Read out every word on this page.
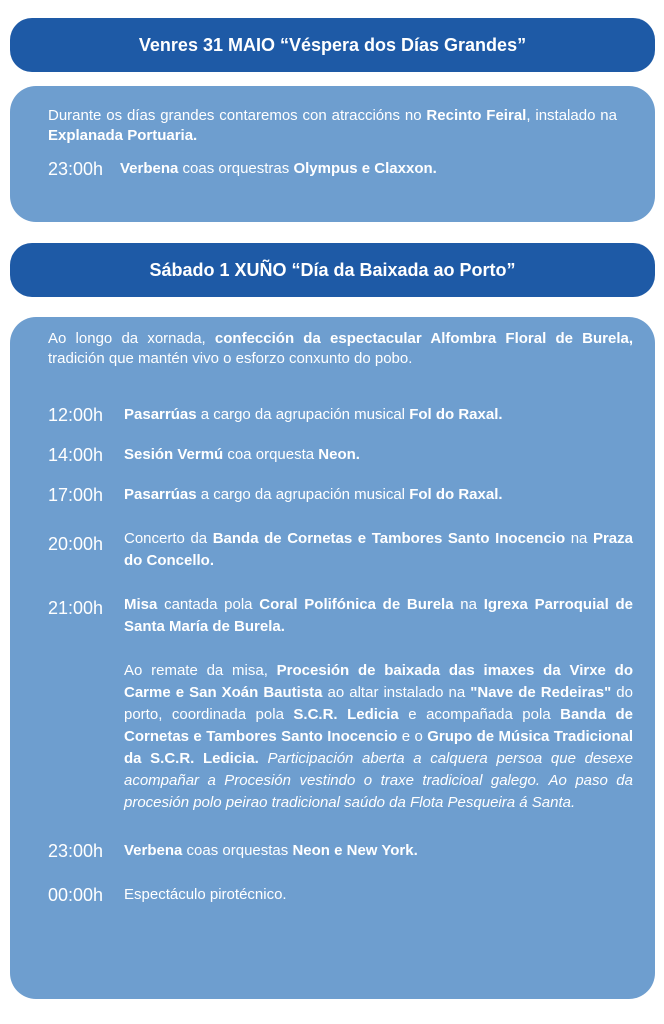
Venres 31 MAIO “Véspera dos Días Grandes”

Durante os días grandes contaremos con atraccións no Recinto Feiral, instalado na Explanada Portuaria.

23:00h	Verbena coas orquestras Olympus e Claxxon.
Sábado 1 XUÑO “Día da Baixada ao Porto”

Ao longo da xornada, confección da espectacular Alfombra Floral de Burela, tradición que mantén vivo o esforzo conxunto do pobo.

12:00h	Pasarrúas a cargo da agrupación musical Fol do Raxal.
14:00h	Sesión Vermú coa orquesta Neon.
17:00h	Pasarrúas a cargo da agrupación musical Fol do Raxal.
20:00h	Concerto da Banda de Cornetas e Tambores Santo Inocencio na Praza do Concello.
21:00h	Misa cantada pola Coral Polifónica de Burela na Igrexa Parroquial de Santa María de Burela.

Ao remate da misa, Procesión de baixada das imaxes da Virxe do Carme e San Xoán Bautista ao altar instalado na "Nave de Redeiras" do porto, coordinada pola S.C.R. Ledicia e acompañada pola Banda de Cornetas e Tambores Santo Inocencio e o Grupo de Música Tradicional da S.C.R. Ledicia. Participación aberta a calquera persoa que desexe acompañar a Procesión vestindo o traxe tradicioal galego. Ao paso da procesión polo peirao tradicional saúdo da Flota Pesqueira á Santa.

23:00h	Verbena coas orquestas Neon e New York.
00:00h	Espectáculo pirotécnico.
